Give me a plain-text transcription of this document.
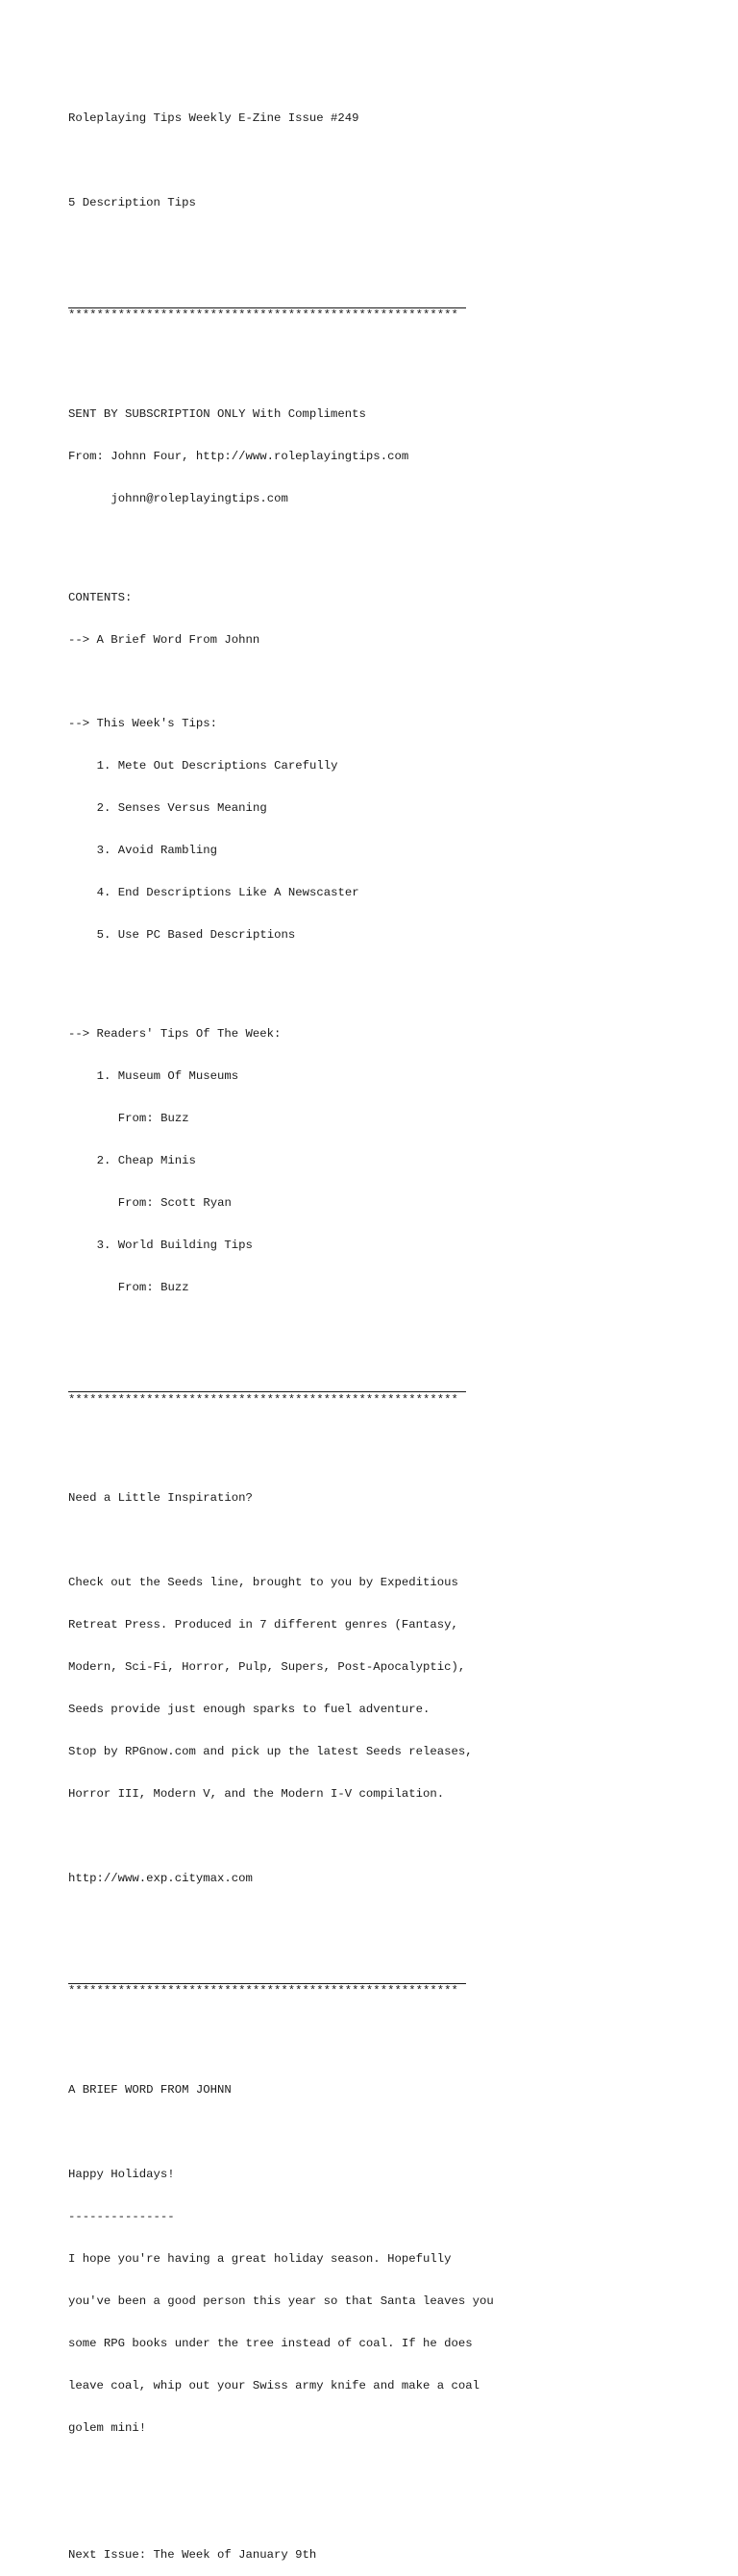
Roleplaying Tips Weekly E-Zine Issue #249

5 Description Tips

*******************************************************

SENT BY SUBSCRIPTION ONLY With Compliments

From: Johnn Four, http://www.roleplayingtips.com

johnn@roleplayingtips.com

CONTENTS:

--> A Brief Word From Johnn

--> This Week's Tips:

1. Mete Out Descriptions Carefully

2. Senses Versus Meaning

3. Avoid Rambling

4. End Descriptions Like A Newscaster

5. Use PC Based Descriptions

--> Readers' Tips Of The Week:

1. Museum Of Museums

From: Buzz

2. Cheap Minis

From: Scott Ryan

3. World Building Tips

From: Buzz

*******************************************************

Need a Little Inspiration?

Check out the Seeds line, brought to you by Expeditious

Retreat Press. Produced in 7 different genres (Fantasy,

Modern, Sci-Fi, Horror, Pulp, Supers, Post-Apocalyptic),

Seeds provide just enough sparks to fuel adventure.

Stop by RPGnow.com and pick up the latest Seeds releases,

Horror III, Modern V, and the Modern I-V compilation.

http://www.exp.citymax.com

*******************************************************

A BRIEF WORD FROM JOHNN

Happy Holidays!

---------------

I hope you're having a great holiday season. Hopefully

you've been a good person this year so that Santa leaves you

some RPG books under the tree instead of coal. If he does

leave coal, whip out your Swiss army knife and make a coal

golem mini!

Next Issue: The Week of January 9th
